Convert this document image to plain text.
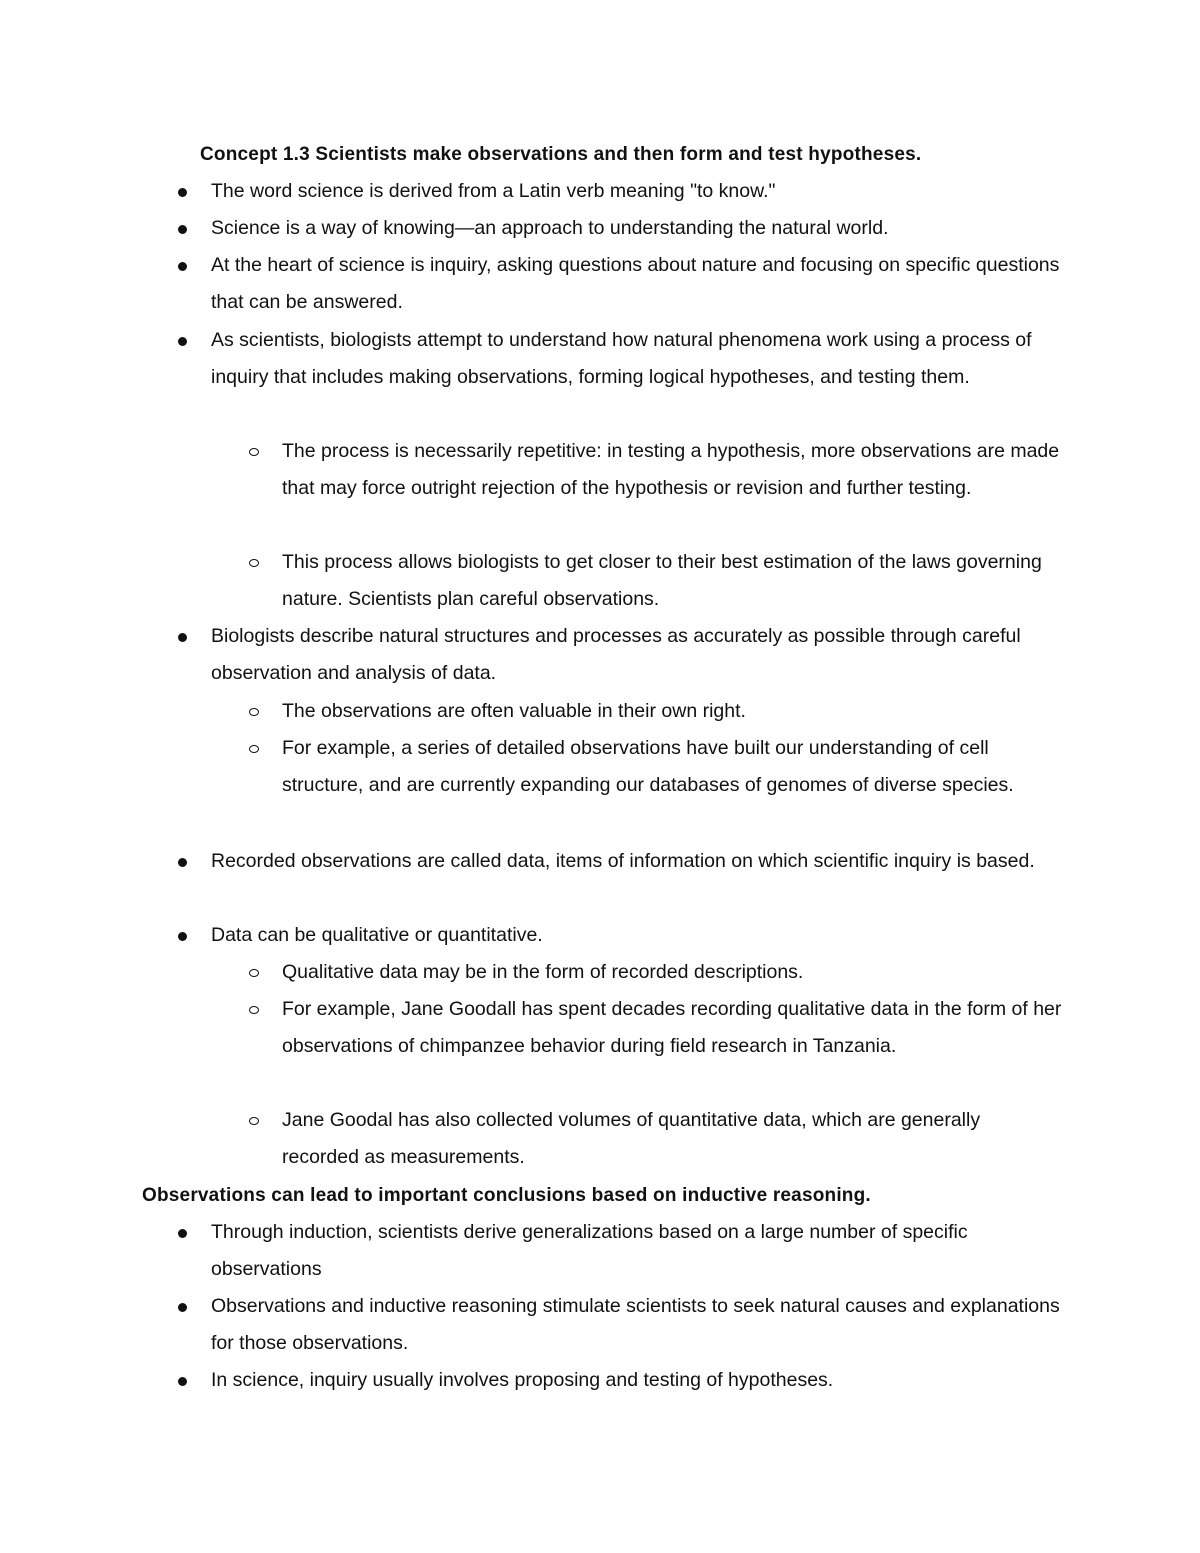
Concept 1.3 Scientists make observations and then form and test hypotheses.
The word science is derived from a Latin verb meaning "to know."
Science is a way of knowing—an approach to understanding the natural world.
At the heart of science is inquiry, asking questions about nature and focusing on specific questions that can be answered.
As scientists, biologists attempt to understand how natural phenomena work using a process of inquiry that includes making observations, forming logical hypotheses, and testing them.
The process is necessarily repetitive: in testing a hypothesis, more observations are made that may force outright rejection of the hypothesis or revision and further testing.
This process allows biologists to get closer to their best estimation of the laws governing nature. Scientists plan careful observations.
Biologists describe natural structures and processes as accurately as possible through careful observation and analysis of data.
The observations are often valuable in their own right.
For example, a series of detailed observations have built our understanding of cell structure, and are currently expanding our databases of genomes of diverse species.
Recorded observations are called data, items of information on which scientific inquiry is based.
Data can be qualitative or quantitative.
Qualitative data may be in the form of recorded descriptions.
For example, Jane Goodall has spent decades recording qualitative data in the form of her observations of chimpanzee behavior during field research in Tanzania.
Jane Goodal has also collected volumes of quantitative data, which are generally recorded as measurements.
Observations can lead to important conclusions based on inductive reasoning.
Through induction, scientists derive generalizations based on a large number of specific observations
Observations and inductive reasoning stimulate scientists to seek natural causes and explanations for those observations.
In science, inquiry usually involves proposing and testing of hypotheses.
